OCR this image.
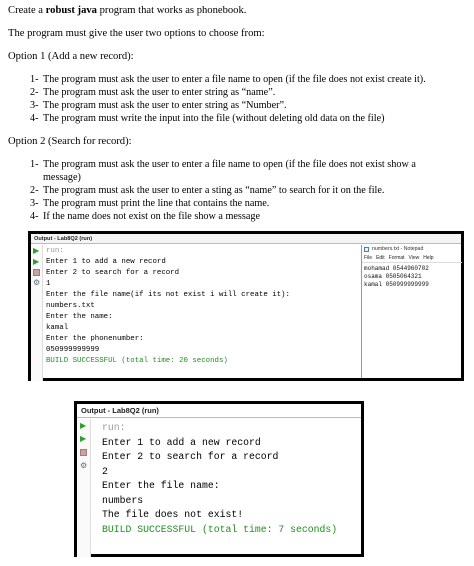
Create a robust java program that works as phonebook.
The program must give the user two options to choose from:
Option 1 (Add a new record):
1- The program must ask the user to enter a file name to open (if the file does not exist create it).
2- The program must ask the user to enter string as “name”.
3- The program must ask the user to enter string as “Number”.
4- The program must write the input into the file (without deleting old data on the file)
Option 2 (Search for record):
1- The program must ask the user to enter a file name to open (if the file does not exist show a message)
2- The program must ask the user to enter a sting as “name” to search for it on the file.
3- The program must print the line that contains the name.
4- If the name does not exist on the file show a message
Output - Lab8Q2 (run)
▶
▶
⚙
run:
Enter 1 to add a new record
Enter 2 to search for a record
1
Enter the file name(if its not exist i will create it):
numbers.txt
Enter the name:
kamal
Enter the phonenumber:
050999999999
BUILD SUCCESSFUL (total time: 20 seconds)
numbers.txt - Notepad
File Edit Format View Help
mohamad 0544960702
osama 0505064321
kamal 050999999999
Output - Lab8Q2 (run)
▶
▶
⚙
run:
Enter 1 to add a new record
Enter 2 to search for a record
2
Enter the file name:
numbers
The file does not exist!
BUILD SUCCESSFUL (total time: 7 seconds)
